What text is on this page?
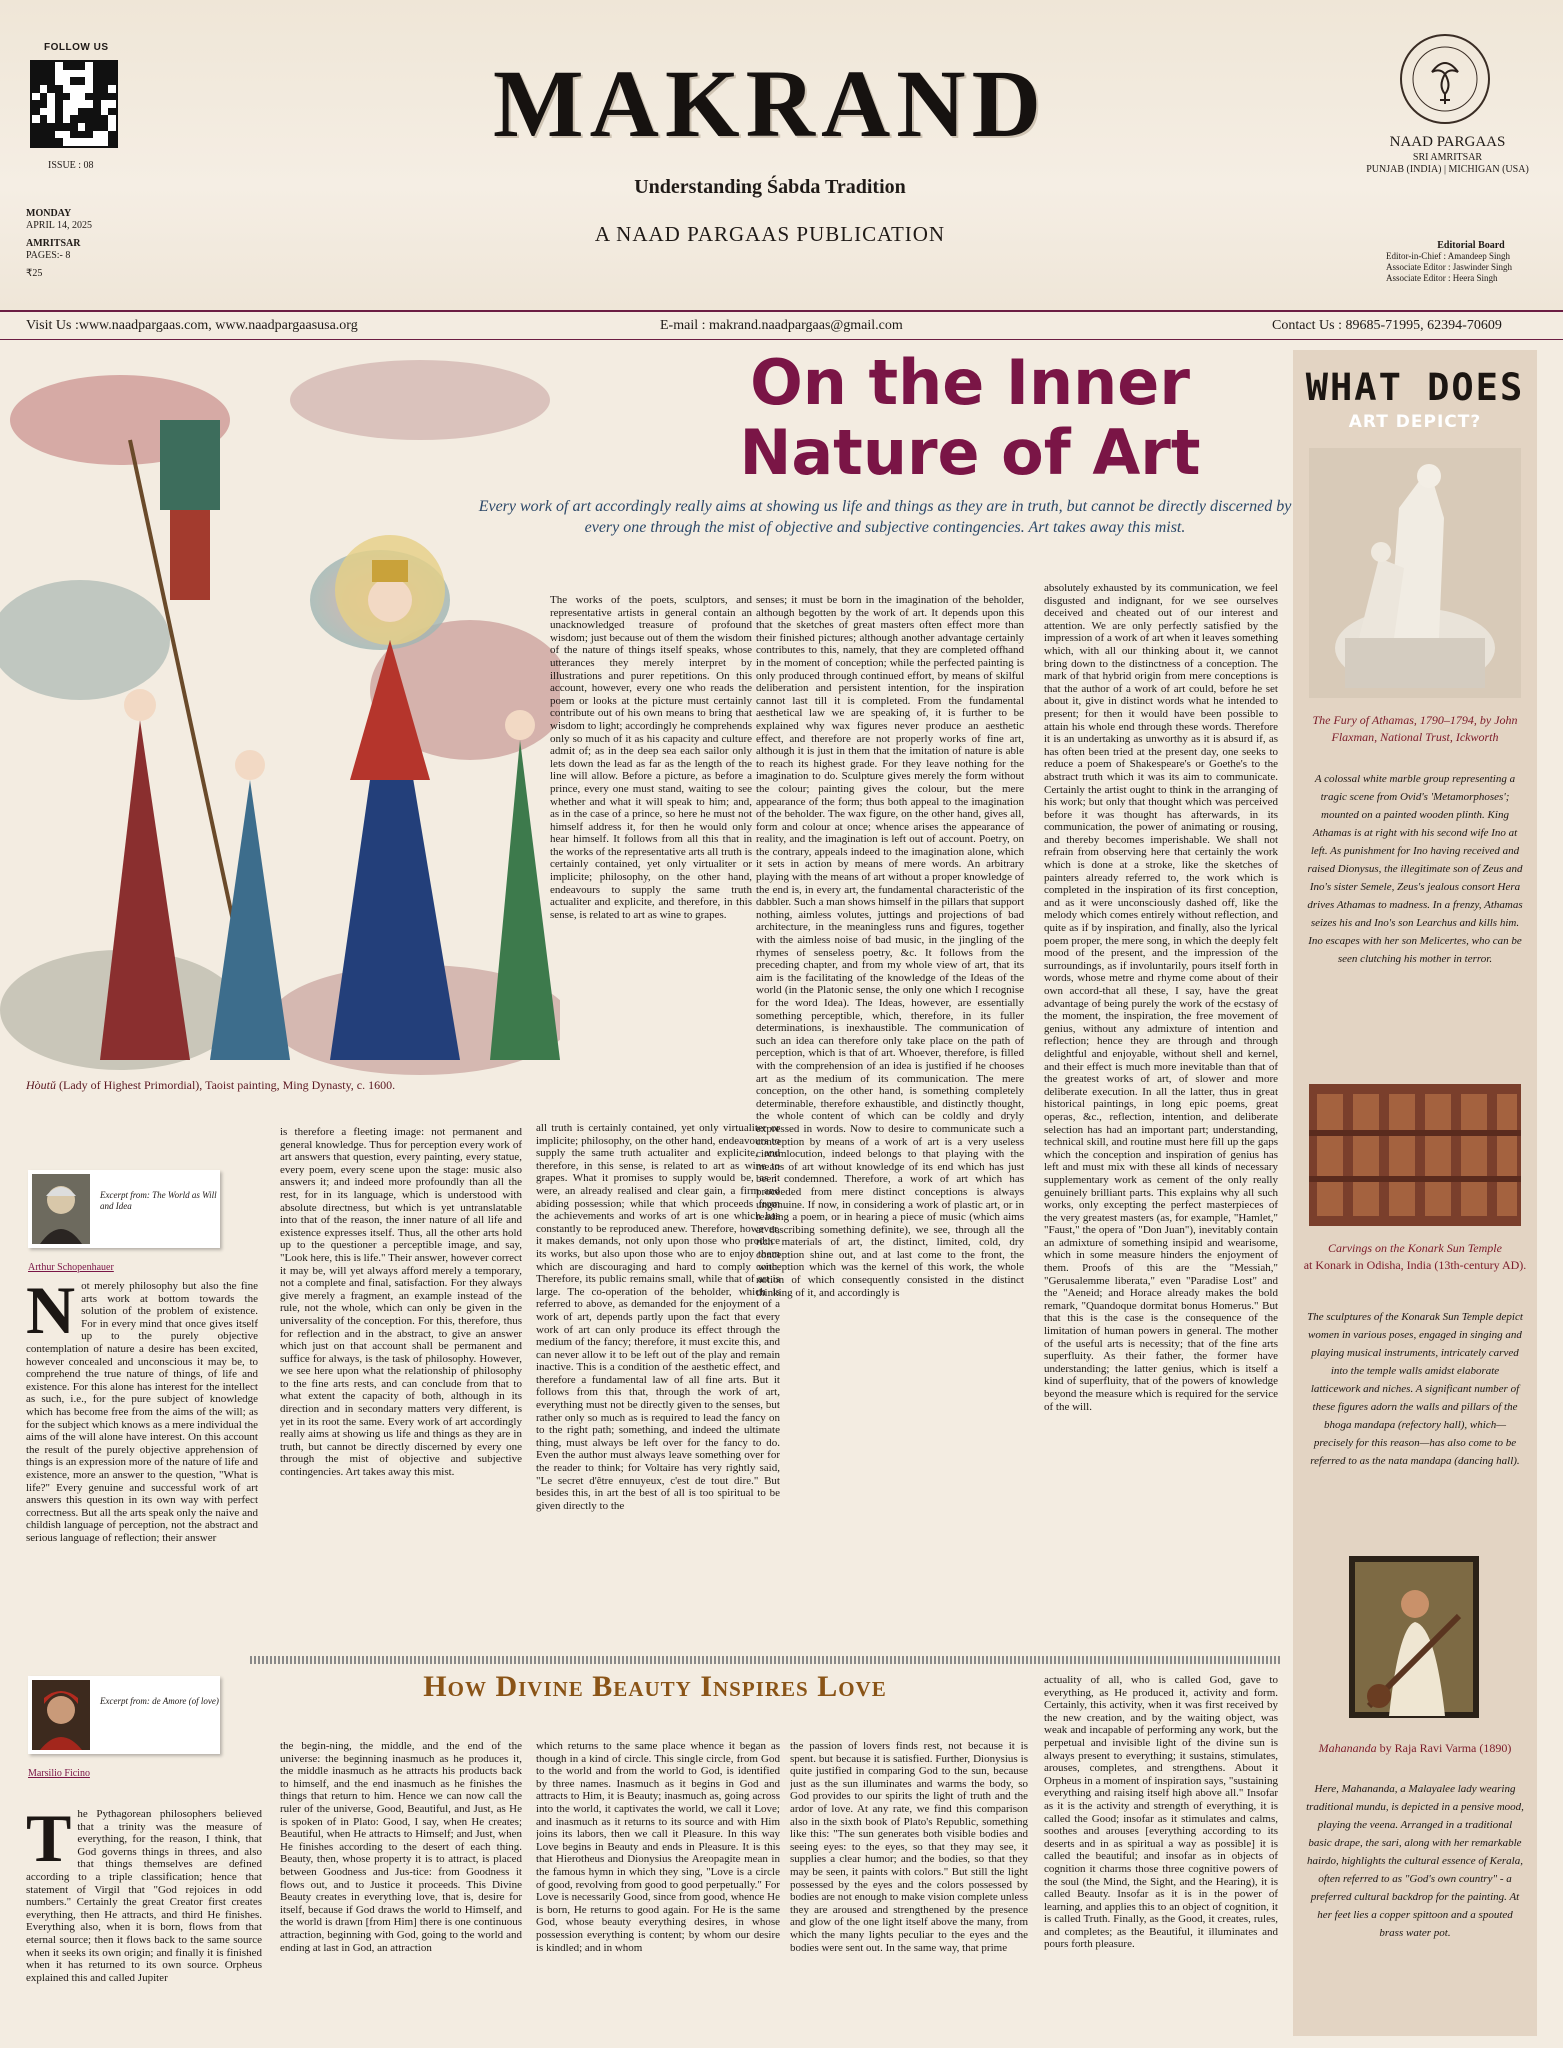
FOLLOW US
ISSUE : 08
MONDAY
APRIL 14, 2025
AMRITSAR
PAGES:- 8
₹25
MAKRAND
Understanding Śabda Tradition
A NAAD PARGAAS PUBLICATION
NAAD PARGAAS
SRI AMRITSAR
PUNJAB (INDIA) | MICHIGAN (USA)
Editorial Board
Editor-in-Chief : Amandeep Singh
Associate Editor : Jaswinder Singh
Associate Editor : Heera Singh
Visit Us :www.naadpargaas.com, www.naadpargaasusa.org	E-mail : makrand.naadpargaas@gmail.com	Contact Us : 89685-71995, 62394-70609
Hòutǔ (Lady of Highest Primordial), Taoist painting, Ming Dynasty, c. 1600.
On the Inner Nature of Art
Every work of art accordingly really aims at showing us life and things as they are in truth, but cannot be directly discerned by every one through the mist of objective and subjective contingencies. Art takes away this mist.

The works of the poets, sculptors, and representative artists in general contain an unacknowledged treasure of profound wisdom; just because out of them the wisdom of the nature of things itself speaks, whose utterances they merely interpret by illustrations and purer repetitions. On this account, however, every one who reads the poem or looks at the picture must certainly contribute out of his own means to bring that wisdom to light; accordingly he comprehends only so much of it as his capacity and culture admit of; as in the deep sea each sailor only lets down the lead as far as the length of the line will allow. Before a picture, as before a prince, every one must stand, waiting to see whether and what it will speak to him; and, as in the case of a prince, so here he must not himself address it, for then he would only hear himself. It follows from all this that in the works of the representative arts all truth is certainly contained, yet only virtualiter or implicite; philosophy, on the other hand, endeavours to supply the same truth actualiter and explicite, and therefore, in this sense, is related to art as wine to grapes.

Excerpt from: The World as Will and Idea
Arthur Schopenhauer
N ot merely philosophy but also the fine arts work at bottom towards the solution of the problem of existence. For in every mind that once gives itself up to the purely objective contemplation of nature a desire has been excited, however concealed and unconscious it may be, to comprehend the true nature of things, of life and existence. For this alone has interest for the intellect as such, i.e., for the pure subject of knowledge which has become free from the aims of the will; as for the subject which knows as a mere individual the aims of the will alone have interest. On this account the result of the purely objective apprehension of things is an expression more of the nature of life and existence, more an answer to the question, "What is life?" Every genuine and successful work of art answers this question in its own way with perfect correctness. But all the arts speak only the naive and childish language of perception, not the abstract and serious language of reflection; their answer
is therefore a fleeting image: not permanent and general knowledge. Thus for perception every work of art answers that question, every painting, every statue, every poem, every scene upon the stage: music also answers it; and indeed more profoundly than all the rest, for in its language, which is understood with absolute directness, but which is yet untranslatable into that of the reason, the inner nature of all life and existence expresses itself. Thus, all the other arts hold up to the questioner a perceptible image, and say, "Look here, this is life." Their answer, however correct it may be, will yet always afford merely a temporary, not a complete and final, satisfaction. For they always give merely a fragment, an example instead of the rule, not the whole, which can only be given in the universality of the conception. For this, therefore, thus for reflection and in the abstract, to give an answer which just on that account shall be permanent and suffice for always, is the task of philosophy. However, we see here upon what the relationship of philosophy to the fine arts rests, and can conclude from that to what extent the capacity of both, although in its direction and in secondary matters very different, is yet in its root the same. Every work of art accordingly really aims at showing us life and things as they are in truth, but cannot be directly discerned by every one through the mist of objective and subjective contingencies. Art takes away this mist.
all truth is certainly contained, yet only virtualiter or implicite; philosophy, on the other hand, endeavours to supply the same truth actualiter and explicite, and therefore, in this sense, is related to art as wine to grapes. What it promises to supply would be, as it were, an already realised and clear gain, a firm and abiding possession; while that which proceeds from the achievements and works of art is one which has constantly to be reproduced anew. Therefore, however, it makes demands, not only upon those who produce its works, but also upon those who are to enjoy them which are discouraging and hard to comply with. Therefore, its public remains small, while that of art is large. The co-operation of the beholder, which is referred to above, as demanded for the enjoyment of a work of art, depends partly upon the fact that every work of art can only produce its effect through the medium of the fancy; therefore, it must excite this, and can never allow it to be left out of the play and remain inactive. This is a condition of the aesthetic effect, and therefore a fundamental law of all fine arts. But it follows from this that, through the work of art, everything must not be directly given to the senses, but rather only so much as is required to lead the fancy on to the right path; something, and indeed the ultimate thing, must always be left over for the fancy to do. Even the author must always leave something over for the reader to think; for Voltaire has very rightly said, "Le secret d'être ennuyeux, c'est de tout dire." But besides this, in art the best of all is too spiritual to be given directly to the
senses; it must be born in the imagination of the beholder, although begotten by the work of art. It depends upon this that the sketches of great masters often effect more than their finished pictures; although another advantage certainly contributes to this, namely, that they are completed offhand in the moment of conception; while the perfected painting is only produced through continued effort, by means of skilful deliberation and persistent intention, for the inspiration cannot last till it is completed. From the fundamental aesthetical law we are speaking of, it is further to be explained why wax figures never produce an aesthetic effect, and therefore are not properly works of fine art, although it is just in them that the imitation of nature is able to reach its highest grade. For they leave nothing for the imagination to do. Sculpture gives merely the form without the colour; painting gives the colour, but the mere appearance of the form; thus both appeal to the imagination of the beholder. The wax figure, on the other hand, gives all, form and colour at once; whence arises the appearance of reality, and the imagination is left out of account. Poetry, on the contrary, appeals indeed to the imagination alone, which it sets in action by means of mere words. An arbitrary playing with the means of art without a proper knowledge of the end is, in every art, the fundamental characteristic of the dabbler. Such a man shows himself in the pillars that support nothing, aimless volutes, juttings and projections of bad architecture, in the meaningless runs and figures, together with the aimless noise of bad music, in the jingling of the rhymes of senseless poetry, &c. It follows from the preceding chapter, and from my whole view of art, that its aim is the facilitating of the knowledge of the Ideas of the world (in the Platonic sense, the only one which I recognise for the word Idea). The Ideas, however, are essentially something perceptible, which, therefore, in its fuller determinations, is inexhaustible. The communication of such an idea can therefore only take place on the path of perception, which is that of art. Whoever, therefore, is filled with the comprehension of an idea is justified if he chooses art as the medium of its communication. The mere conception, on the other hand, is something completely determinable, therefore exhaustible, and distinctly thought, the whole content of which can be coldly and dryly expressed in words. Now to desire to communicate such a conception by means of a work of art is a very useless circumlocution, indeed belongs to that playing with the means of art without knowledge of its end which has just been condemned. Therefore, a work of art which has proceeded from mere distinct conceptions is always ungenuine. If now, in considering a work of plastic art, or in reading a poem, or in hearing a piece of music (which aims at describing something definite), we see, through all the rich materials of art, the distinct, limited, cold, dry conception shine out, and at last come to the front, the conception which was the kernel of this work, the whole notion of which consequently consisted in the distinct thinking of it, and accordingly is
absolutely exhausted by its communication, we feel disgusted and indignant, for we see ourselves deceived and cheated out of our interest and attention. We are only perfectly satisfied by the impression of a work of art when it leaves something which, with all our thinking about it, we cannot bring down to the distinctness of a conception. The mark of that hybrid origin from mere conceptions is that the author of a work of art could, before he set about it, give in distinct words what he intended to present; for then it would have been possible to attain his whole end through these words. Therefore it is an undertaking as unworthy as it is absurd if, as has often been tried at the present day, one seeks to reduce a poem of Shakespeare's or Goethe's to the abstract truth which it was its aim to communicate. Certainly the artist ought to think in the arranging of his work; but only that thought which was perceived before it was thought has afterwards, in its communication, the power of animating or rousing, and thereby becomes imperishable. We shall not refrain from observing here that certainly the work which is done at a stroke, like the sketches of painters already referred to, the work which is completed in the inspiration of its first conception, and as it were unconsciously dashed off, like the melody which comes entirely without reflection, and quite as if by inspiration, and finally, also the lyrical poem proper, the mere song, in which the deeply felt mood of the present, and the impression of the surroundings, as if involuntarily, pours itself forth in words, whose metre and rhyme come about of their own accord-that all these, I say, have the great advantage of being purely the work of the ecstasy of the moment, the inspiration, the free movement of genius, without any admixture of intention and reflection; hence they are through and through delightful and enjoyable, without shell and kernel, and their effect is much more inevitable than that of the greatest works of art, of slower and more deliberate execution. In all the latter, thus in great historical paintings, in long epic poems, great operas, &c., reflection, intention, and deliberate selection has had an important part; understanding, technical skill, and routine must here fill up the gaps which the conception and inspiration of genius has left and must mix with these all kinds of necessary supplementary work as cement of the only really genuinely brilliant parts. This explains why all such works, only excepting the perfect masterpieces of the very greatest masters (as, for example, "Hamlet," "Faust," the opera of "Don Juan"), inevitably contain an admixture of something insipid and wearisome, which in some measure hinders the enjoyment of them. Proofs of this are the "Messiah," "Gerusalemme liberata," even "Paradise Lost" and the "Aeneid; and Horace already makes the bold remark, "Quandoque dormitat bonus Homerus." But that this is the case is the consequence of the limitation of human powers in general. The mother of the useful arts is necessity; that of the fine arts superfluity. As their father, the former have understanding; the latter genius, which is itself a kind of superfluity, that of the powers of knowledge beyond the measure which is required for the service of the will.
How Divine Beauty Inspires Love
Excerpt from: de Amore (of love)
Marsilio Ficino
T he Pythagorean philosophers believed that a trinity was the measure of everything, for the reason, I think, that God governs things in threes, and also that things themselves are defined according to a triple classification; hence that statement of Virgil that "God rejoices in odd numbers." Certainly the great Creator first creates everything, then He attracts, and third He finishes. Everything also, when it is born, flows from that eternal source; then it flows back to the same source when it seeks its own origin; and finally it is finished when it has returned to its own source. Orpheus explained this and called Jupiter
the begin-ning, the middle, and the end of the universe: the beginning inasmuch as he produces it, the middle inasmuch as he attracts his products back to himself, and the end inasmuch as he finishes the things that return to him. Hence we can now call the ruler of the universe, Good, Beautiful, and Just, as He is spoken of in Plato: Good, I say, when He creates; Beautiful, when He attracts to Himself; and Just, when He finishes according to the desert of each thing. Beauty, then, whose property it is to attract, is placed between Goodness and Jus-tice: from Goodness it flows out, and to Justice it proceeds. This Divine Beauty creates in everything love, that is, desire for itself, because if God draws the world to Himself, and the world is drawn [from Him] there is one continuous attraction, beginning with God, going to the world and ending at last in God, an attraction
which returns to the same place whence it began as though in a kind of circle. This single circle, from God to the world and from the world to God, is identified by three names. Inasmuch as it begins in God and attracts to Him, it is Beauty; inasmuch as, going across into the world, it captivates the world, we call it Love; and inasmuch as it returns to its source and with Him joins its labors, then we call it Pleasure. In this way Love begins in Beauty and ends in Pleasure. It is this that Hierotheus and Dionysius the Areopagite mean in the famous hymn in which they sing, "Love is a circle of good, revolving from good to good perpetually." For Love is necessarily Good, since from good, whence He is born, He returns to good again. For He is the same God, whose beauty everything desires, in whose possession everything is content; by whom our desire is kindled; and in whom
the passion of lovers finds rest, not because it is spent. but because it is satisfied. Further, Dionysius is quite justified in comparing God to the sun, because just as the sun illuminates and warms the body, so God provides to our spirits the light of truth and the ardor of love. At any rate, we find this comparison also in the sixth book of Plato's Republic, something like this: "The sun generates both visible bodies and seeing eyes: to the eyes, so that they may see, it supplies a clear humor; and the bodies, so that they may be seen, it paints with colors." But still the light possessed by the eyes and the colors possessed by bodies are not enough to make vision complete unless they are aroused and strengthened by the presence and glow of the one light itself above the many, from which the many lights peculiar to the eyes and the bodies were sent out. In the same way, that prime
actuality of all, who is called God, gave to everything, as He produced it, activity and form. Certainly, this activity, when it was first received by the new creation, and by the waiting object, was weak and incapable of performing any work, but the perpetual and invisible light of the divine sun is always present to everything; it sustains, stimulates, arouses, completes, and strengthens. About it Orpheus in a moment of inspiration says, "sustaining everything and raising itself high above all." Insofar as it is the activity and strength of everything, it is called the Good; insofar as it stimulates and calms, soothes and arouses [everything according to its deserts and in as spiritual a way as possible] it is called the beautiful; and insofar as in objects of cognition it charms those three cognitive powers of the soul (the Mind, the Sight, and the Hearing), it is called Beauty. Insofar as it is in the power of learning, and applies this to an object of cognition, it is called Truth. Finally, as the Good, it creates, rules, and completes; as the Beautiful, it illuminates and pours forth pleasure.
WHAT DOES
ART DEPICT?
The Fury of Athamas, 1790–1794, by John Flaxman, National Trust, Ickworth
A colossal white marble group representing a tragic scene from Ovid's 'Metamorphoses'; mounted on a painted wooden plinth. King Athamas is at right with his second wife Ino at left. As punishment for Ino having received and raised Dionysus, the illegitimate son of Zeus and Ino's sister Semele, Zeus's jealous consort Hera drives Athamas to madness. In a frenzy, Athamas seizes his and Ino's son Learchus and kills him. Ino escapes with her son Melicertes, who can be seen clutching his mother in terror.
Carvings on the Konark Sun Temple
at Konark in Odisha, India (13th-century AD).
The sculptures of the Konarak Sun Temple depict women in various poses, engaged in singing and playing musical instruments, intricately carved into the temple walls amidst elaborate latticework and niches. A significant number of these figures adorn the walls and pillars of the bhoga mandapa (refectory hall), which—precisely for this reason—has also come to be referred to as the nata mandapa (dancing hall).
Mahananda by Raja Ravi Varma (1890)
Here, Mahananda, a Malayalee lady wearing traditional mundu, is depicted in a pensive mood, playing the veena. Arranged in a traditional basic drape, the sari, along with her remarkable hairdo, highlights the cultural essence of Kerala, often referred to as "God's own country" - a preferred cultural backdrop for the painting. At her feet lies a copper spittoon and a spouted brass water pot.
